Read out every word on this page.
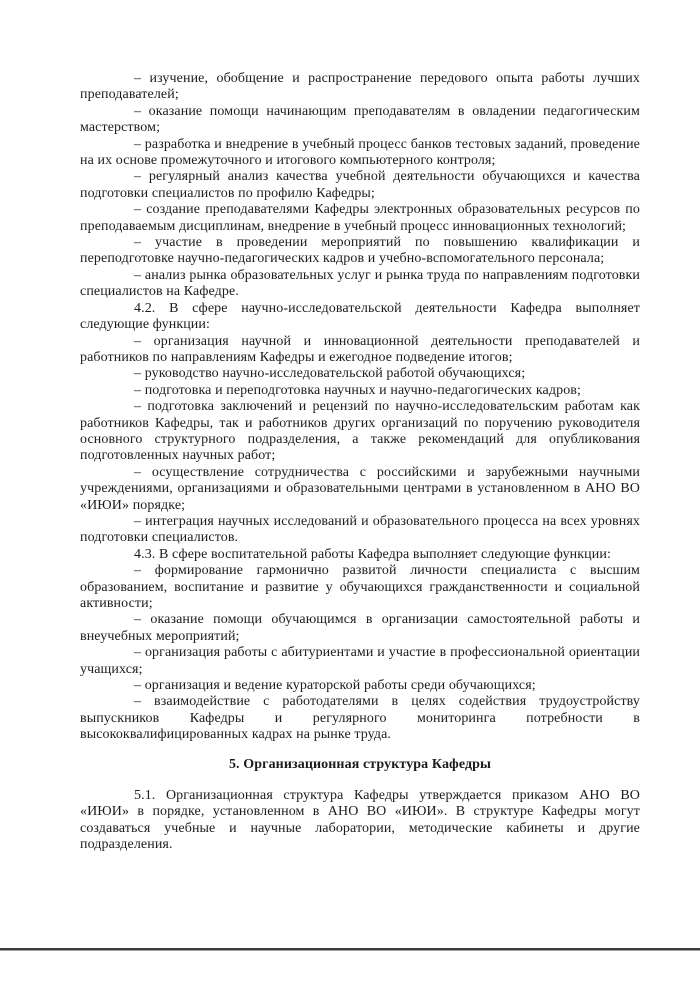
– изучение, обобщение и распространение передового опыта работы лучших преподавателей;

– оказание помощи начинающим преподавателям в овладении педагогическим мастерством;

– разработка и внедрение в учебный процесс банков тестовых заданий, проведение на их основе промежуточного и итогового компьютерного контроля;

– регулярный анализ качества учебной деятельности обучающихся и качества подготовки специалистов по профилю Кафедры;

– создание преподавателями Кафедры электронных образовательных ресурсов по преподаваемым дисциплинам, внедрение в учебный процесс инновационных технологий;

– участие в проведении мероприятий по повышению квалификации и переподготовке научно-педагогических кадров и учебно-вспомогательного персонала;

– анализ рынка образовательных услуг и рынка труда по направлениям подготовки специалистов на Кафедре.

4.2. В сфере научно-исследовательской деятельности Кафедра выполняет следующие функции:

– организация научной и инновационной деятельности преподавателей и работников по направлениям Кафедры и ежегодное подведение итогов;

– руководство научно-исследовательской работой обучающихся;

– подготовка и переподготовка научных и научно-педагогических кадров;

– подготовка заключений и рецензий по научно-исследовательским работам как работников Кафедры, так и работников других организаций по поручению руководителя основного структурного подразделения, а также рекомендаций для опубликования подготовленных научных работ;

– осуществление сотрудничества с российскими и зарубежными научными учреждениями, организациями и образовательными центрами в установленном в АНО ВО «ИЮИ» порядке;

– интеграция научных исследований и образовательного процесса на всех уровнях подготовки специалистов.

4.3. В сфере воспитательной работы Кафедра выполняет следующие функции:

– формирование гармонично развитой личности специалиста с высшим образованием, воспитание и развитие у обучающихся гражданственности и социальной активности;

– оказание помощи обучающимся в организации самостоятельной работы и внеучебных мероприятий;

– организация работы с абитуриентами и участие в профессиональной ориентации учащихся;

– организация и ведение кураторской работы среди обучающихся;

– взаимодействие с работодателями в целях содействия трудоустройству выпускников Кафедры и регулярного мониторинга потребности в высококвалифицированных кадрах на рынке труда.

5. Организационная структура Кафедры

5.1. Организационная структура Кафедры утверждается приказом АНО ВО «ИЮИ» в порядке, установленном в АНО ВО «ИЮИ». В структуре Кафедры могут создаваться учебные и научные лаборатории, методические кабинеты и другие подразделения.
